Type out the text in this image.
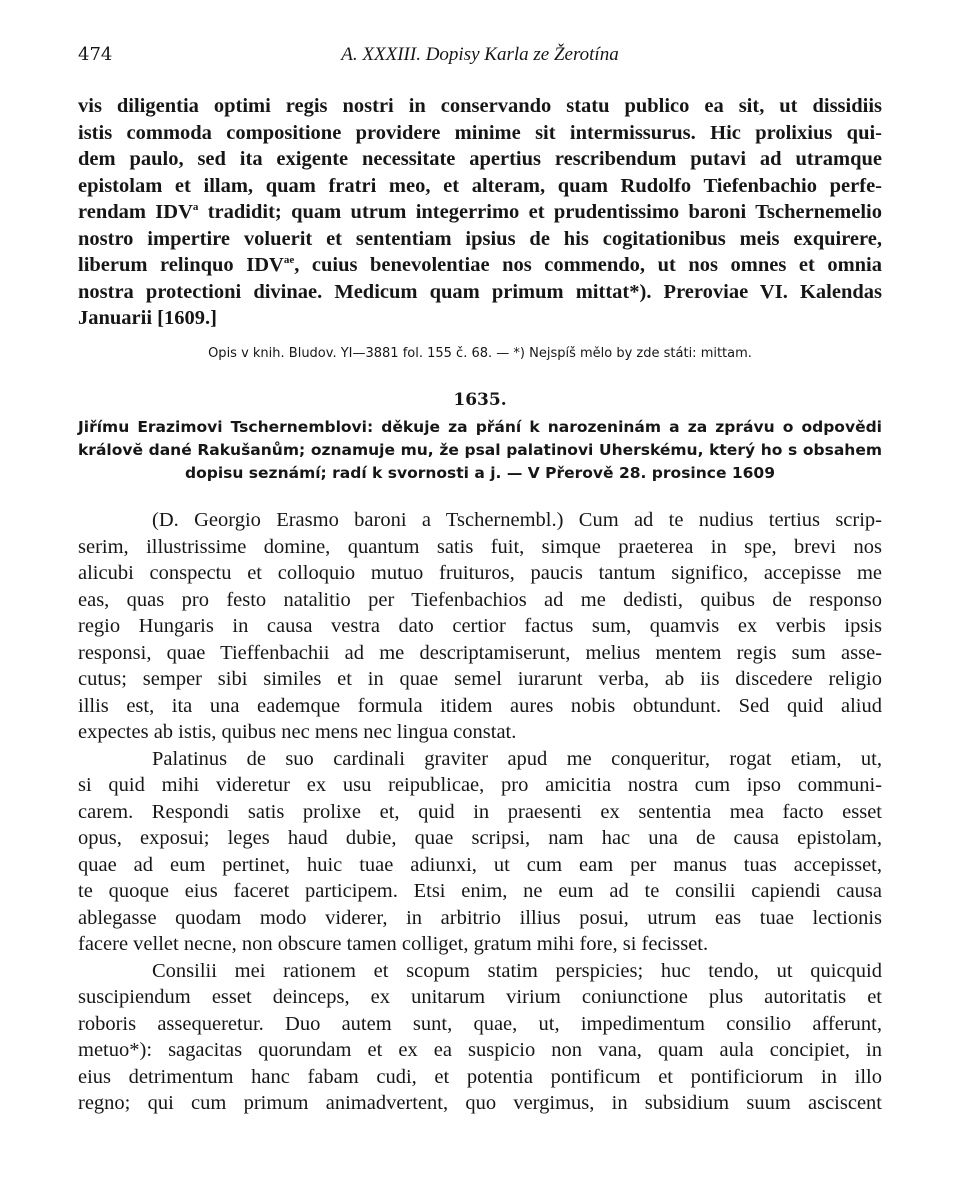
474	A. XXXIII. Dopisy Karla ze Žerotína
vis diligentia optimi regis nostri in conservando statu publico ea sit, ut dissidiis
istis commoda compositione providere minime sit intermissurus. Hic prolixius qui-
dem paulo, sed ita exigente necessitate apertius rescribendum putavi ad utramque
epistolam et illam, quam fratri meo, et alteram, quam Rudolfo Tiefenbachio perfe-
rendam IDV$^a$ tradidit; quam utrum integerrimo et prudentissimo baroni Tschernemelio
nostro impertire voluerit et sententiam ipsius de his cogitationibus meis exquirere,
liberum relinquo $IDV^{ae}$, cuius benevolentiae nos commendo, ut nos omnes et omnia
nostra protectioni divinae. Medicum quam primum mittat*). Preroviae VI. Kalendas
Januarii [1609.]
Opis v knih. Bludov. YI—3881 fol. 155 č. 68. — *) Nejspíš mělo by zde státi: mittam.
1635.
Jiřímu Erazimovi Tschernemblovi: děkuje za přání k narozeninám a za zprávu o odpovědi
královĕ dané Rakušanům; oznamuje mu, že psal palatinovi Uherskému, který ho s obsahem
dopisu seznámí; radí k svornosti a j. — V Přerově 28. prosince 1609
(D. Georgio Erasmo baroni a Tschernembl.) Cum ad te nudius tertius scrip-
serim, illustrissime domine, quantum satis fuit, simque praeterea in spe, brevi nos
alicubi conspectu et colloquio mutuo fruituros, paucis tantum significo, accepisse me
eas, quas pro festo natalitio per Tiefenbachios ad me dedisti, quibus de responso
regio Hungaris in causa vestra dato certior factus sum, quamvis ex verbis ipsis
responsi, quae Tieffenbachii ad me descriptamiserunt, melius mentem regis sum asse-
cutus; semper sibi similes et in quae semel iurarunt verba, ab iis discedere religio
illis est, ita una eademque formula itidem aures nobis obtundunt. Sed quid aliud
expectes ab istis, quibus nec mens nec lingua constat.
Palatinus de suo cardinali graviter apud me conqueritur, rogat etiam, ut,
si quid mihi videretur ex usu reipublicae, pro amicitia nostra cum ipso communi-
carem. Respondi satis prolixe et, quid in praesenti ex sententia mea facto esset
opus, exposui; leges haud dubie, quae scripsi, nam hac una de causa epistolam,
quae ad eum pertinet, huic tuae adiunxi, ut cum eam per manus tuas accepisset,
te quoque eius faceret participem. Etsi enim, ne eum ad te consilii capiendi causa
ablegasse quodam modo viderer, in arbitrio illius posui, utrum eas tuae lectionis
facere vellet necne, non obscure tamen colliget, gratum mihi fore, si fecisset.
Consilii mei rationem et scopum statim perspicies; huc tendo, ut quicquid
suscipiendum esset deinceps, ex unitarum virium coniunctione plus autoritatis et
roboris assequeretur. Duo autem sunt, quae, ut, impedimentum consilio afferunt,
metuo*): sagacitas quorundam et ex ea suspicio non vana, quam aula concipiet, in
eius detrimentum hanc fabam cudi, et potentia pontificum et pontificiorum in illo
regno; qui cum primum animadvertent, quo vergimus, in subsidium suum asciscent
